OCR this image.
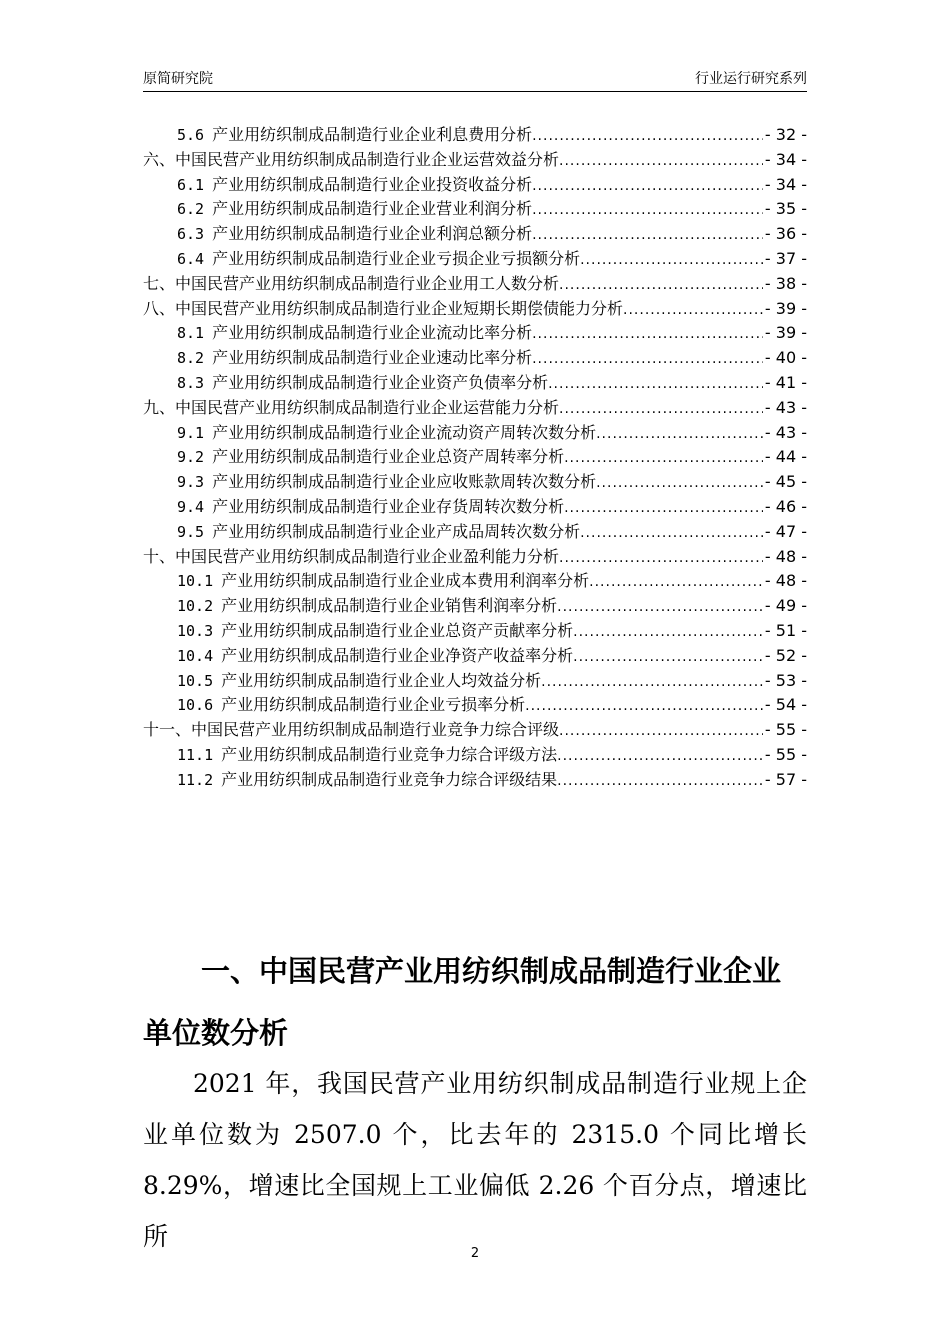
原简研究院	行业运行研究系列
5.6 产业用纺织制成品制造行业企业利息费用分析 .....	- 32 -
六、中国民营产业用纺织制成品制造行业企业运营效益分析 .....	- 34 -
6.1 产业用纺织制成品制造行业企业投资收益分析 .....	- 34 -
6.2 产业用纺织制成品制造行业企业营业利润分析 .....	- 35 -
6.3 产业用纺织制成品制造行业企业利润总额分析 .....	- 36 -
6.4 产业用纺织制成品制造行业企业亏损企业亏损额分析 .....	- 37 -
七、中国民营产业用纺织制成品制造行业企业用工人数分析 .....	- 38 -
八、中国民营产业用纺织制成品制造行业企业短期长期偿债能力分析 .....	- 39 -
8.1 产业用纺织制成品制造行业企业流动比率分析 .....	- 39 -
8.2 产业用纺织制成品制造行业企业速动比率分析 .....	- 40 -
8.3 产业用纺织制成品制造行业企业资产负债率分析 .....	- 41 -
九、中国民营产业用纺织制成品制造行业企业运营能力分析 .....	- 43 -
9.1 产业用纺织制成品制造行业企业流动资产周转次数分析 .....	- 43 -
9.2 产业用纺织制成品制造行业企业总资产周转率分析 .....	- 44 -
9.3 产业用纺织制成品制造行业企业应收账款周转次数分析 .....	- 45 -
9.4 产业用纺织制成品制造行业企业存货周转次数分析 .....	- 46 -
9.5 产业用纺织制成品制造行业企业产成品周转次数分析 .....	- 47 -
十、中国民营产业用纺织制成品制造行业企业盈利能力分析 .....	- 48 -
10.1 产业用纺织制成品制造行业企业成本费用利润率分析 .....	- 48 -
10.2 产业用纺织制成品制造行业企业销售利润率分析 .....	- 49 -
10.3 产业用纺织制成品制造行业企业总资产贡献率分析 .....	- 51 -
10.4 产业用纺织制成品制造行业企业净资产收益率分析 .....	- 52 -
10.5 产业用纺织制成品制造行业企业人均效益分析 .....	- 53 -
10.6 产业用纺织制成品制造行业企业亏损率分析 .....	- 54 -
十一、中国民营产业用纺织制成品制造行业竞争力综合评级 .....	- 55 -
11.1 产业用纺织制成品制造行业竞争力综合评级方法 .....	- 55 -
11.2 产业用纺织制成品制造行业竞争力综合评级结果 .....	- 57 -
一、中国民营产业用纺织制成品制造行业企业单位数分析

2021 年，我国民营产业用纺织制成品制造行业规上企业单位数为 2507.0 个，比去年的 2315.0 个同比增长 8.29%，增速比全国规上工业偏低 2.26 个百分点，增速比所

2
